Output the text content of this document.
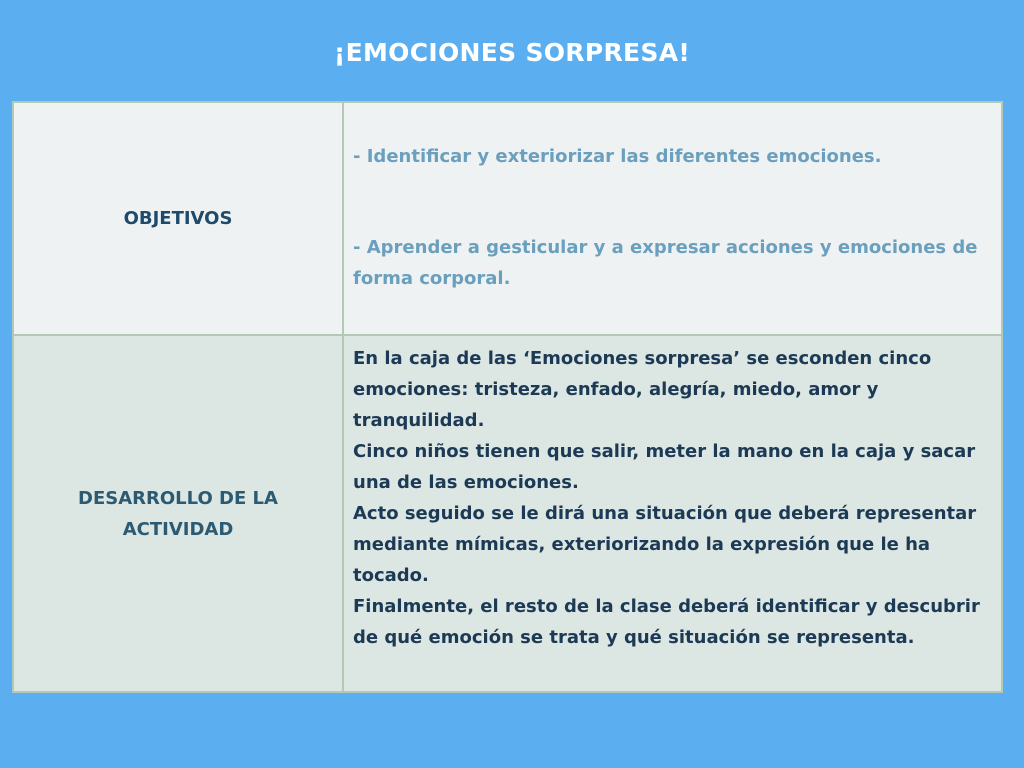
¡EMOCIONES SORPRESA!
OBJETIVOS
- Identificar y exteriorizar las diferentes emociones.
- Aprender a gesticular y a expresar acciones y emociones de forma corporal.
DESARROLLO DE LA
ACTIVIDAD

En la caja de las ‘Emociones sorpresa’ se esconden cinco emociones: tristeza, enfado, alegría, miedo, amor y tranquilidad.

Cinco niños tienen que salir, meter la mano en la caja y sacar una de las emociones.

Acto seguido se le dirá una situación que deberá representar mediante mímicas, exteriorizando la expresión que le ha tocado.

Finalmente, el resto de la clase deberá identificar y descubrir de qué emoción se trata y qué situación se representa.
